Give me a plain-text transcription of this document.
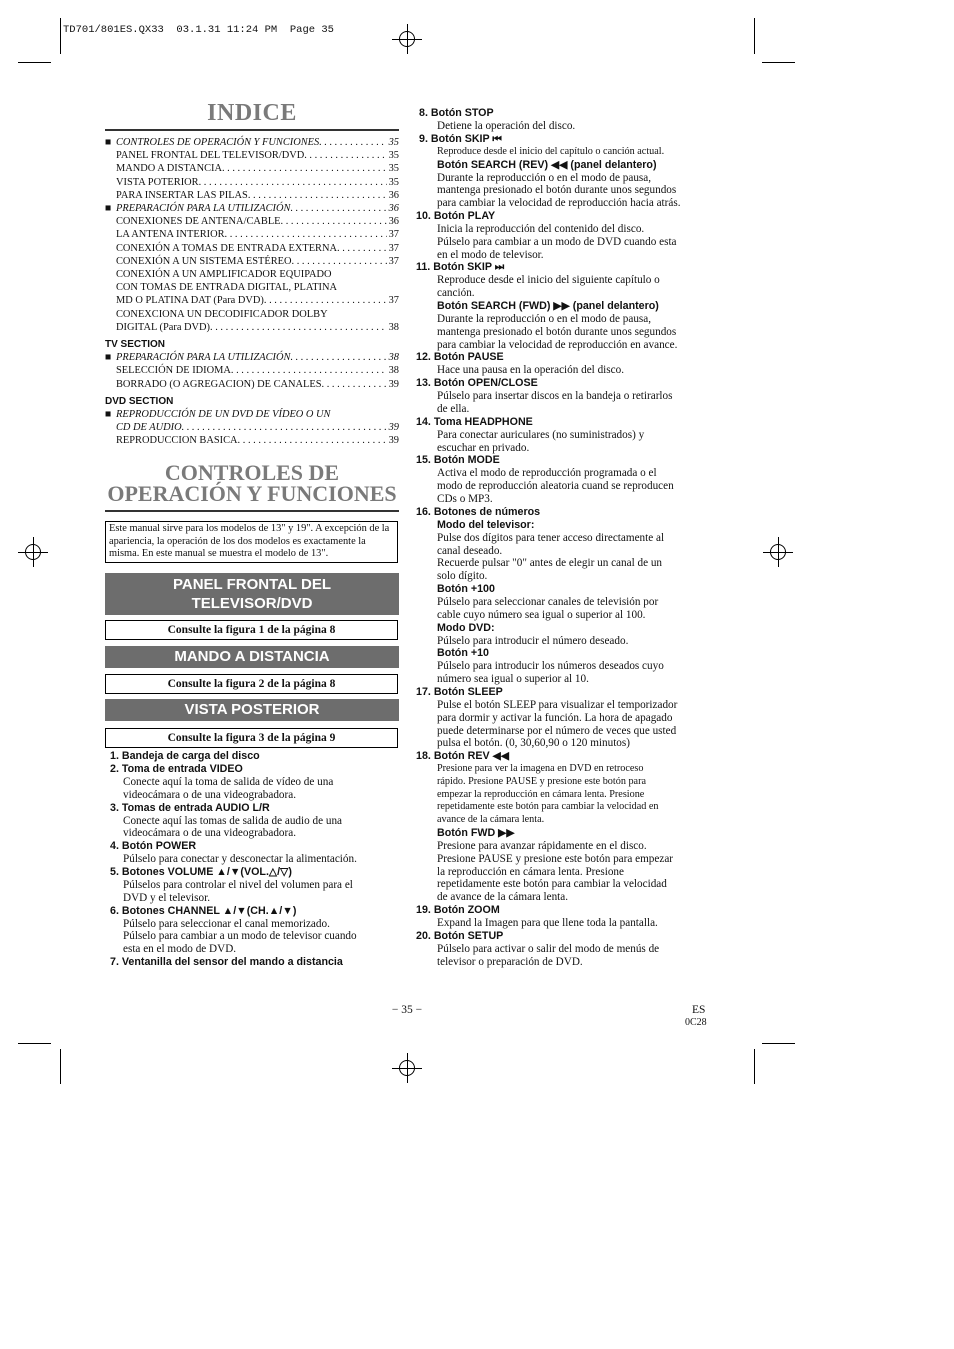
TD701/801ES.QX33  03.1.31 11:24 PM  Page 35
INDICE
■ CONTROLES DE OPERACIÓN Y FUNCIONES . . .	35
PANEL FRONTAL DEL TELEVISOR/DVD . . .	35
MANDO A DISTANCIA . . .	35
VISTA POTERIOR . . .	35
PARA INSERTAR LAS PILAS . . .	36
■ PREPARACIÓN PARA LA UTILIZACIÓN . . .	36
CONEXIONES DE ANTENA/CABLE . . .	36
LA ANTENA INTERIOR . . .	37
CONEXIÓN A TOMAS DE ENTRADA EXTERNA . . .	37
CONEXIÓN A UN SISTEMA ESTÉREO . . .	37
CONEXIÓN A UN AMPLIFICADOR EQUIPADO
CON TOMAS DE ENTRADA DIGITAL, PLATINA
MD O PLATINA DAT (Para DVD) . . .	37
CONEXCIONA UN DECODIFICADOR DOLBY
DIGITAL (Para DVD) . . .	38
TV SECTION
■ PREPARACIÓN PARA LA UTILIZACIÓN . . .	38
SELECCIÓN DE IDIOMA . . .	38
BORRADO (O AGREGACION) DE CANALES . . .	39
DVD SECTION
■ REPRODUCCIÓN DE UN DVD DE VÍDEO O UN
CD DE AUDIO . . .	39
REPRODUCCION BASICA . . .	39
CONTROLES DE
OPERACIÓN Y FUNCIONES
Este manual sirve para los modelos de 13" y 19". A excepción de la apariencia, la operación de los dos modelos es exactamente la misma. En este manual se muestra el modelo de 13".
PANEL FRONTAL DEL
TELEVISOR/DVD
Consulte la figura 1 de la página 8
MANDO A DISTANCIA
Consulte la figura 2 de la página 8
VISTA POSTERIOR
Consulte la figura 3 de la página 9
1. Bandeja de carga del disco
2. Toma de entrada VIDEO
Conecte aquí la toma de salida de vídeo de una
videocámara o de una videograbadora.
3. Tomas de entrada AUDIO L/R
Conecte aquí las tomas de salida de audio de una
videocámara o de una videograbadora.
4. Botón POWER
Púlselo para conectar y desconectar la alimentación.
5. Botones VOLUME ▲/▼(VOL.△/▽)
Púlselos para controlar el nivel del volumen para el
DVD y el televisor.
6. Botones CHANNEL ▲/▼(CH.▲/▼)
Púlselo para seleccionar el canal memorizado.
Púlselo para cambiar a un modo de televisor cuando
esta en el modo de DVD.
7. Ventanilla del sensor del mando a distancia
8. Botón STOP
Detiene la operación del disco.
9. Botón SKIP ⏮
Reproduce desde el inicio del capítulo o canción actual.
Botón SEARCH (REV) ◀◀ (panel delantero)
Durante la reproducción o en el modo de pausa,
mantenga presionado el botón durante unos segundos
para cambiar la velocidad de reproducción hacia atrás.
10. Botón PLAY
Inicia la reproducción del contenido del disco.
Púlselo para cambiar a un modo de DVD cuando esta
en el modo de televisor.
11. Botón SKIP ⏭
Reproduce desde el inicio del siguiente capítulo o
canción.
Botón SEARCH (FWD) ▶▶ (panel delantero)
Durante la reproducción o en el modo de pausa,
mantenga presionado el botón durante unos segundos
para cambiar la velocidad de reproducción en avance.
12. Botón PAUSE
Hace una pausa en la operación del disco.
13. Botón OPEN/CLOSE
Púlselo para insertar discos en la bandeja o retirarlos
de ella.
14. Toma HEADPHONE
Para conectar auriculares (no suministrados) y
escuchar en privado.
15. Botón MODE
Activa el modo de reproducción programada o el
modo de reproducción aleatoria cuand se reproducen
CDs o MP3.
16. Botones de números
Modo del televisor:
Pulse dos dígitos para tener acceso directamente al
canal deseado.
Recuerde pulsar "0" antes de elegir un canal de un
solo dígito.
Botón +100
Púlselo para seleccionar canales de televisión por
cable cuyo número sea igual o superior al 100.
Modo DVD:
Púlselo para introducir el número deseado.
Botón +10
Púlselo para introducir los números deseados cuyo
número sea igual o superior al 10.
17. Botón SLEEP
Pulse el botón SLEEP para visualizar el temporizador
para dormir y activar la función. La hora de apagado
puede determinarse por el número de veces que usted
pulsa el botón. (0, 30,60,90 o 120 minutos)
18. Botón REV ◀◀
Presione para ver la imagena en DVD en retroceso
rápido. Presione PAUSE y presione este botón para
empezar la reproducción en cámara lenta. Presione
repetidamente este botón para cambiar la velocidad en
avance de la cámara lenta.
Botón FWD ▶▶
Presione para avanzar rápidamente en el disco.
Presione PAUSE y presione este botón para empezar
la reproducción en cámara lenta. Presione
repetidamente este botón para cambiar la velocidad
de avance de la cámara lenta.
19. Botón ZOOM
Expand la Imagen para que llene toda la pantalla.
20. Botón SETUP
Púlselo para activar o salir del modo de menús de
televisor o preparación de DVD.
− 35 −	ES
0C28
